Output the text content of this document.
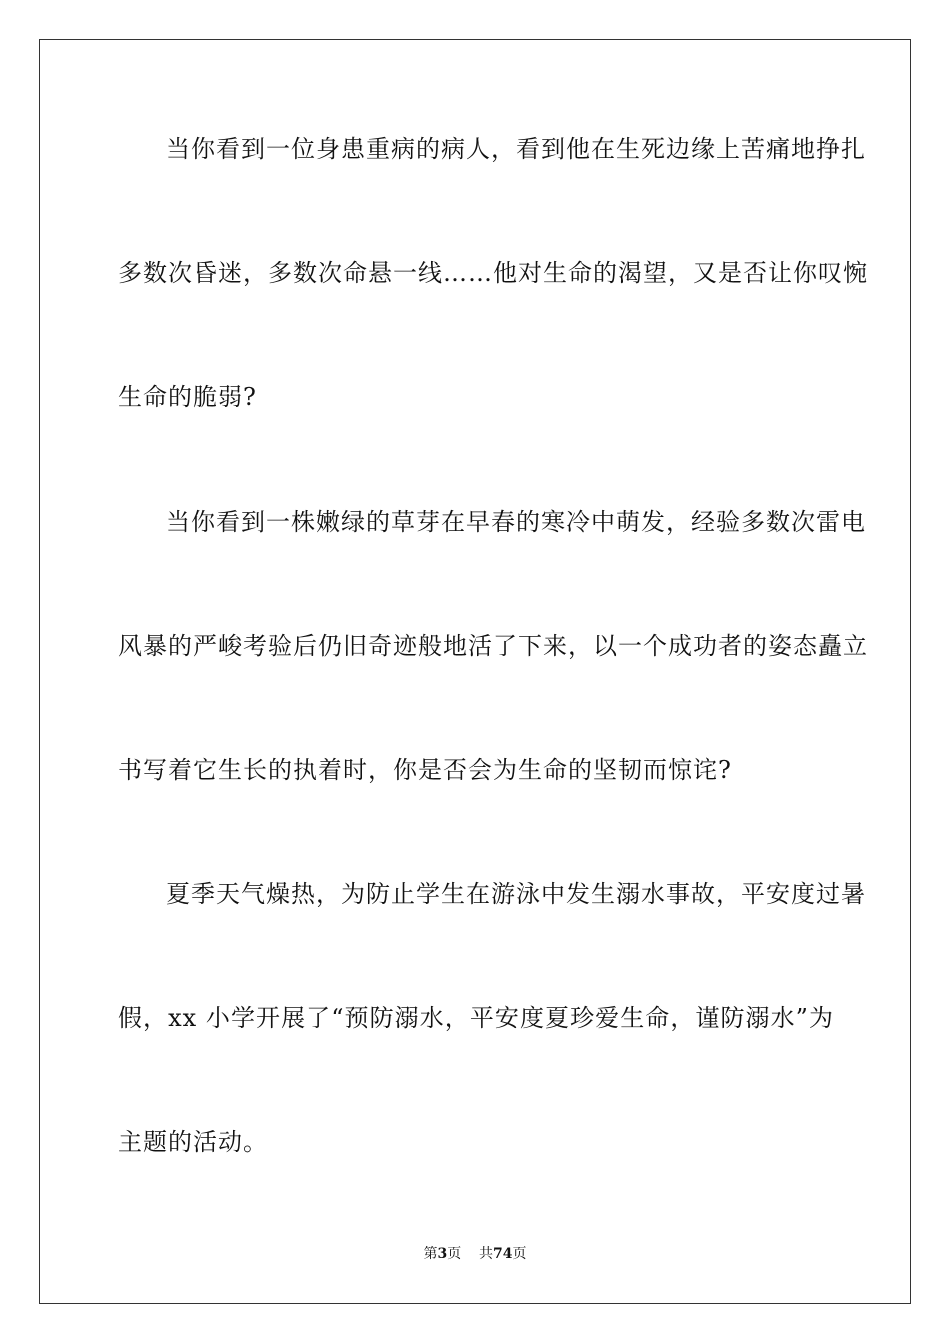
当你看到一位身患重病的病人，看到他在生死边缘上苦痛地挣扎
多数次昏迷，多数次命悬一线……他对生命的渴望，又是否让你叹惋
生命的脆弱?
当你看到一株嫩绿的草芽在早春的寒冷中萌发，经验多数次雷电
风暴的严峻考验后仍旧奇迹般地活了下来，以一个成功者的姿态矗立
书写着它生长的执着时，你是否会为生命的坚韧而惊诧?
夏季天气燥热，为防止学生在游泳中发生溺水事故，平安度过暑
假，xx 小学开展了“预防溺水，平安度夏珍爱生命，谨防溺水”为
主题的活动。
第3页 共74页
